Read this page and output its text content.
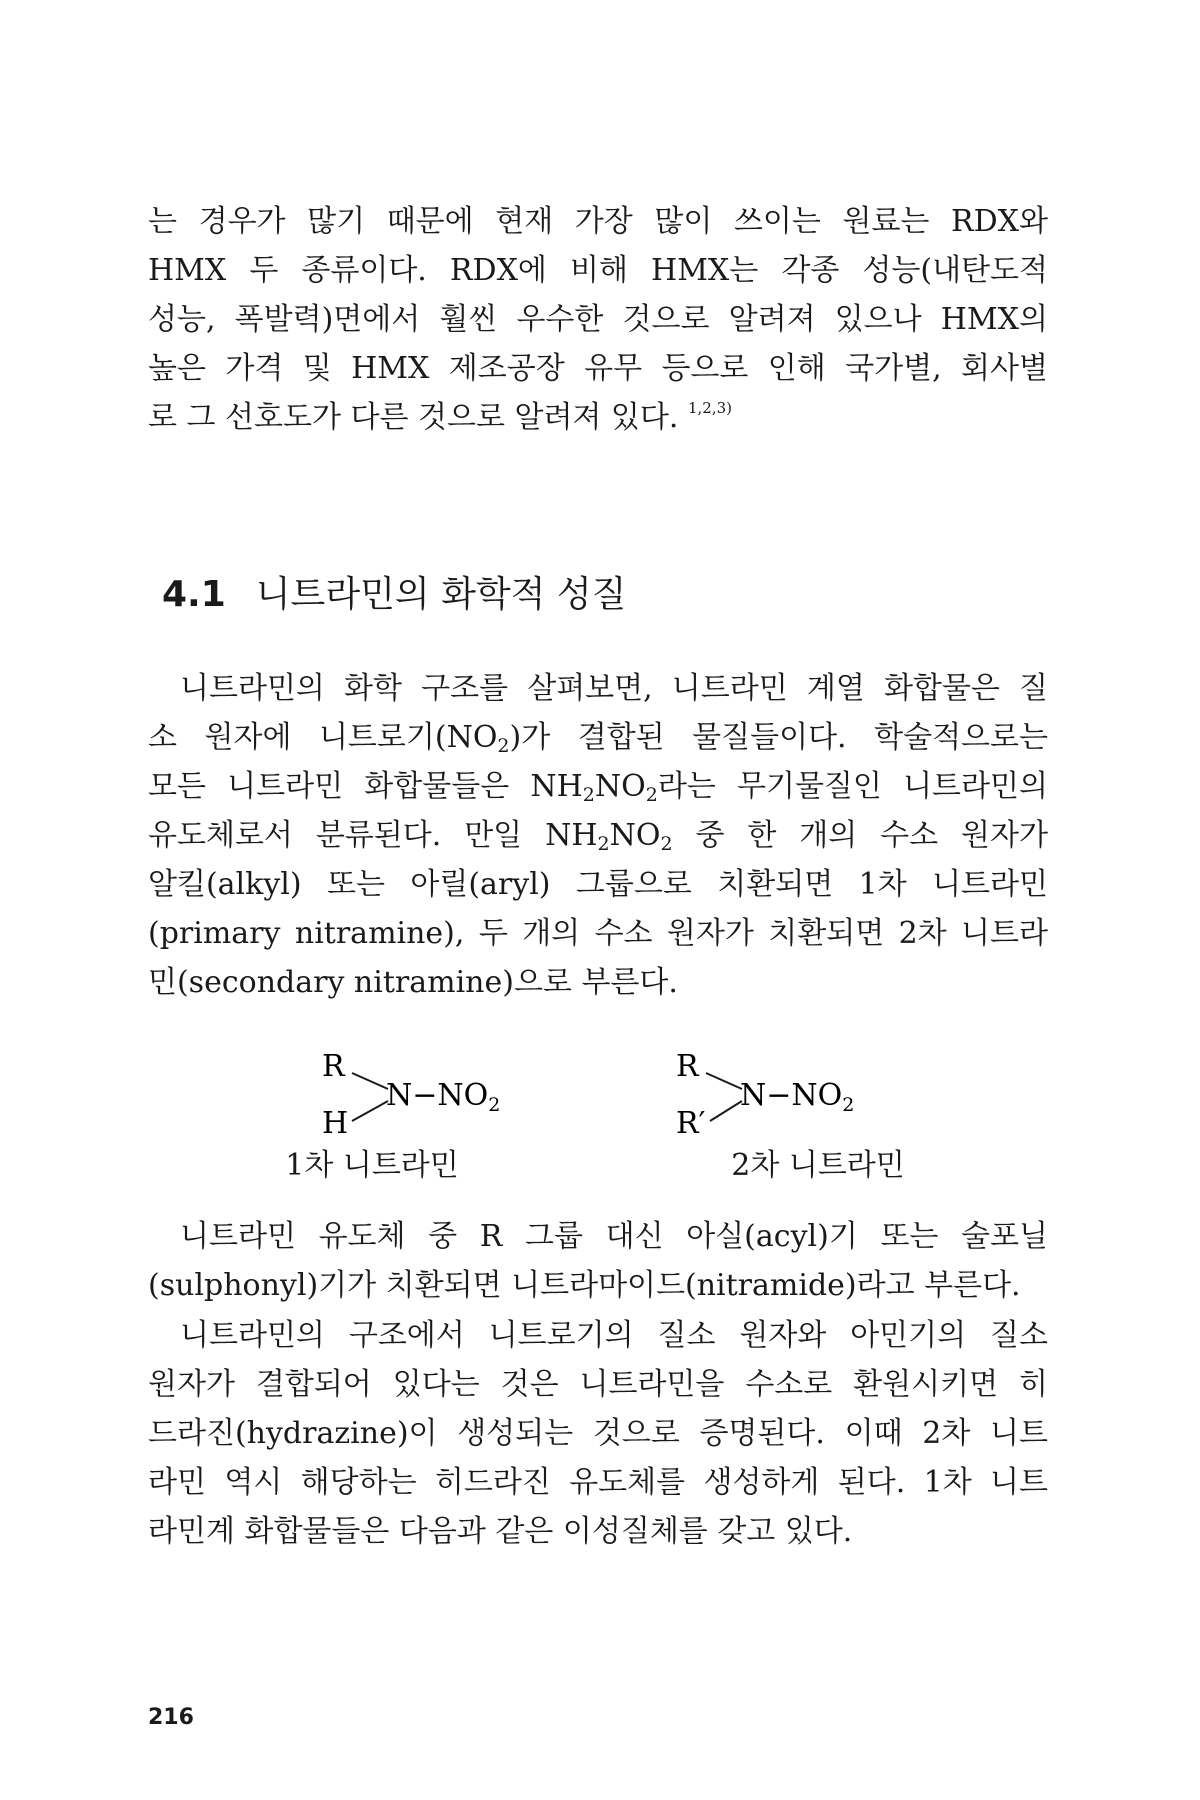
는 경우가 많기 때문에 현재 가장 많이 쓰이는 원료는 RDX와
HMX 두 종류이다. RDX에 비해 HMX는 각종 성능(내탄도적
성능, 폭발력)면에서 훨씬 우수한 것으로 알려져 있으나 HMX의
높은 가격 및 HMX 제조공장 유무 등으로 인해 국가별, 회사별
로 그 선호도가 다른 것으로 알려져 있다. $^{1,2,3)}$
4.1 니트라민의 화학적 성질
니트라민의 화학 구조를 살펴보면, 니트라민 계열 화합물은 질
소 원자에 니트로기$(NO_2)$가 결합된 물질들이다. 학술적으로는
모든 니트라민 화합물들은 $NH_2NO_2$라는 무기물질인 니트라민의
유도체로서 분류된다. 만일 $NH_2NO_2$ 중 한 개의 수소 원자가
알킬(alkyl) 또는 아릴(aryl) 그룹으로 치환되면 1차 니트라민
(primary nitramine), 두 개의 수소 원자가 치환되면 2차 니트라
민(secondary nitramine)으로 부른다.
R
H
$N-NO_2$
1차 니트라민
R
R′
$N-NO_2$
2차 니트라민
니트라민 유도체 중 R 그룹 대신 아실(acyl)기 또는 술포닐
(sulphonyl)기가 치환되면 니트라마이드(nitramide)라고 부른다.
니트라민의 구조에서 니트로기의 질소 원자와 아민기의 질소
원자가 결합되어 있다는 것은 니트라민을 수소로 환원시키면 히
드라진(hydrazine)이 생성되는 것으로 증명된다. 이때 2차 니트
라민 역시 해당하는 히드라진 유도체를 생성하게 된다. 1차 니트
라민계 화합물들은 다음과 같은 이성질체를 갖고 있다.
216
